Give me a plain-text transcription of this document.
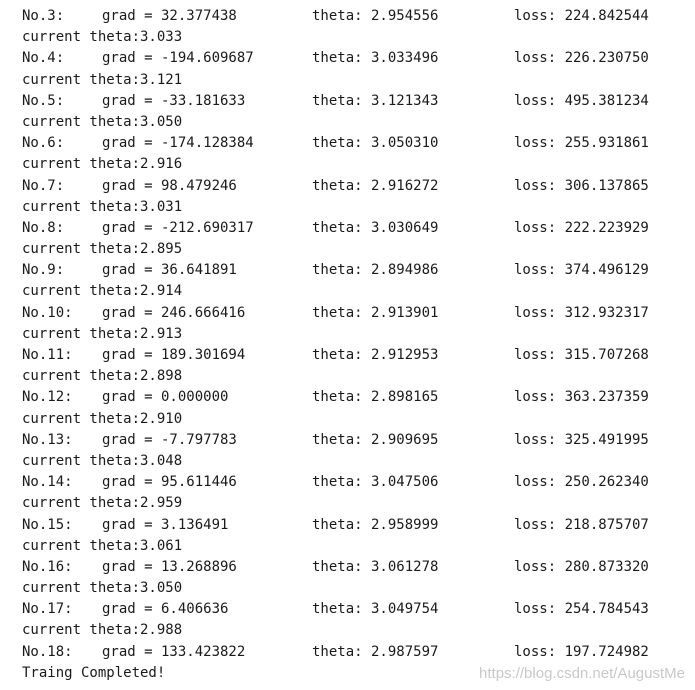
No.3:	grad = 32.377438	theta: 2.954556	loss: 224.842544
current theta:3.033
No.4:	grad = -194.609687	theta: 3.033496	loss: 226.230750
current theta:3.121
No.5:	grad = -33.181633	theta: 3.121343	loss: 495.381234
current theta:3.050
No.6:	grad = -174.128384	theta: 3.050310	loss: 255.931861
current theta:2.916
No.7:	grad = 98.479246	theta: 2.916272	loss: 306.137865
current theta:3.031
No.8:	grad = -212.690317	theta: 3.030649	loss: 222.223929
current theta:2.895
No.9:	grad = 36.641891	theta: 2.894986	loss: 374.496129
current theta:2.914
No.10: grad = 246.666416	theta: 2.913901	loss: 312.932317
current theta:2.913
No.11: grad = 189.301694	theta: 2.912953	loss: 315.707268
current theta:2.898
No.12: grad = 0.000000	theta: 2.898165	loss: 363.237359
current theta:2.910
No.13: grad = -7.797783	theta: 2.909695	loss: 325.491995
current theta:3.048
No.14: grad = 95.611446	theta: 3.047506	loss: 250.262340
current theta:2.959
No.15: grad = 3.136491	theta: 2.958999	loss: 218.875707
current theta:3.061
No.16: grad = 13.268896	theta: 3.061278	loss: 280.873320
current theta:3.050
No.17: grad = 6.406636	theta: 3.049754	loss: 254.784543
current theta:2.988
No.18: grad = 133.423822	theta: 2.987597	loss: 197.724982
Traing Completed!	https://blog.csdn.net/AugustMe
